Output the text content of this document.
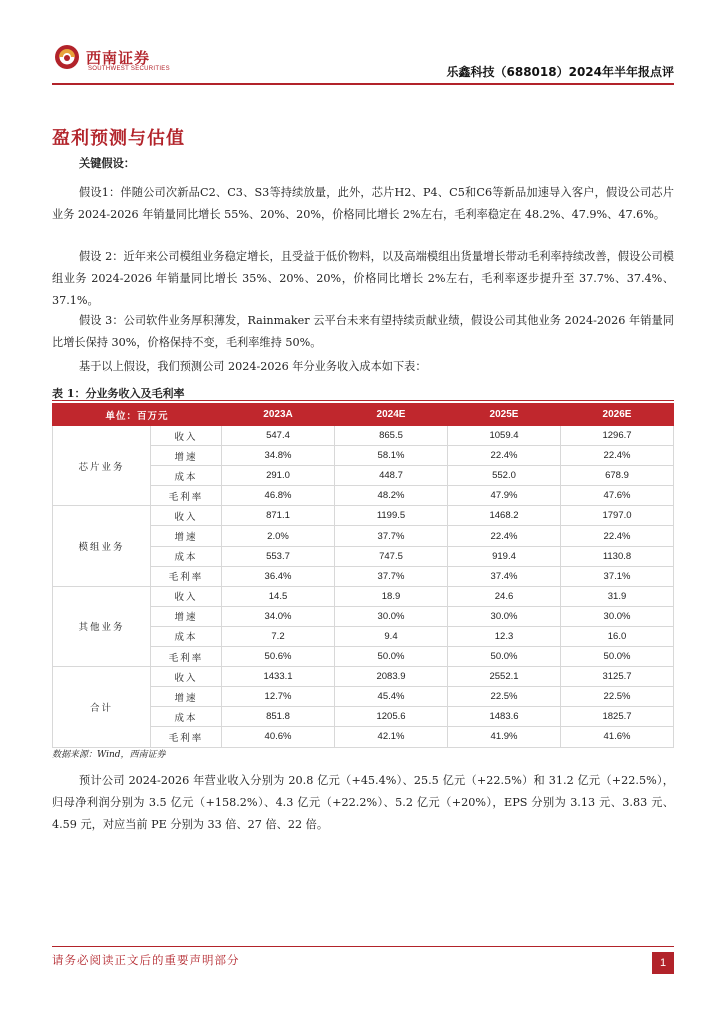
西南证券
SOUTHWEST SECURITIES	乐鑫科技（688018）2024年半年报点评
盈利预测与估值
关键假设：

假设1：伴随公司次新品C2、C3、S3等持续放量，此外，芯片H2、P4、C5和C6等新品加速导入客户，假设公司芯片业务 2024-2026 年销量同比增长 55%、20%、20%，价格同比增长 2%左右，毛利率稳定在 48.2%、47.9%、47.6%。

假设 2：近年来公司模组业务稳定增长，且受益于低价物料，以及高端模组出货量增长带动毛利率持续改善，假设公司模组业务 2024-2026 年销量同比增长 35%、20%、20%，价格同比增长 2%左右，毛利率逐步提升至 37.7%、37.4%、37.1%。

假设 3：公司软件业务厚积薄发，Rainmaker 云平台未来有望持续贡献业绩，假设公司其他业务 2024-2026 年销量同比增长保持 30%，价格保持不变，毛利率维持 50%。

基于以上假设，我们预测公司 2024-2026 年分业务收入成本如下表：

表 1：分业务收入及毛利率
单位：百万元		2023A	2024E	2025E	2026E
芯片业务	收入	547.4	865.5	1059.4	1296.7
	增速	34.8%	58.1%	22.4%	22.4%
	成本	291.0	448.7	552.0	678.9
	毛利率	46.8%	48.2%	47.9%	47.6%
模组业务	收入	871.1	1199.5	1468.2	1797.0
	增速	2.0%	37.7%	22.4%	22.4%
	成本	553.7	747.5	919.4	1130.8
	毛利率	36.4%	37.7%	37.4%	37.1%
其他业务	收入	14.5	18.9	24.6	31.9
	增速	34.0%	30.0%	30.0%	30.0%
	成本	7.2	9.4	12.3	16.0
	毛利率	50.6%	50.0%	50.0%	50.0%
合计	收入	1433.1	2083.9	2552.1	3125.7
	增速	12.7%	45.4%	22.5%	22.5%
	成本	851.8	1205.6	1483.6	1825.7
	毛利率	40.6%	42.1%	41.9%	41.6%
数据来源：Wind，西南证券

预计公司 2024-2026 年营业收入分别为 20.8 亿元（+45.4%）、25.5 亿元（+22.5%）和 31.2 亿元（+22.5%），归母净利润分别为 3.5 亿元（+158.2%）、4.3 亿元（+22.2%）、5.2 亿元（+20%），EPS 分别为 3.13 元、3.83 元、4.59 元，对应当前 PE 分别为 33 倍、27 倍、22 倍。

请务必阅读正文后的重要声明部分	1
